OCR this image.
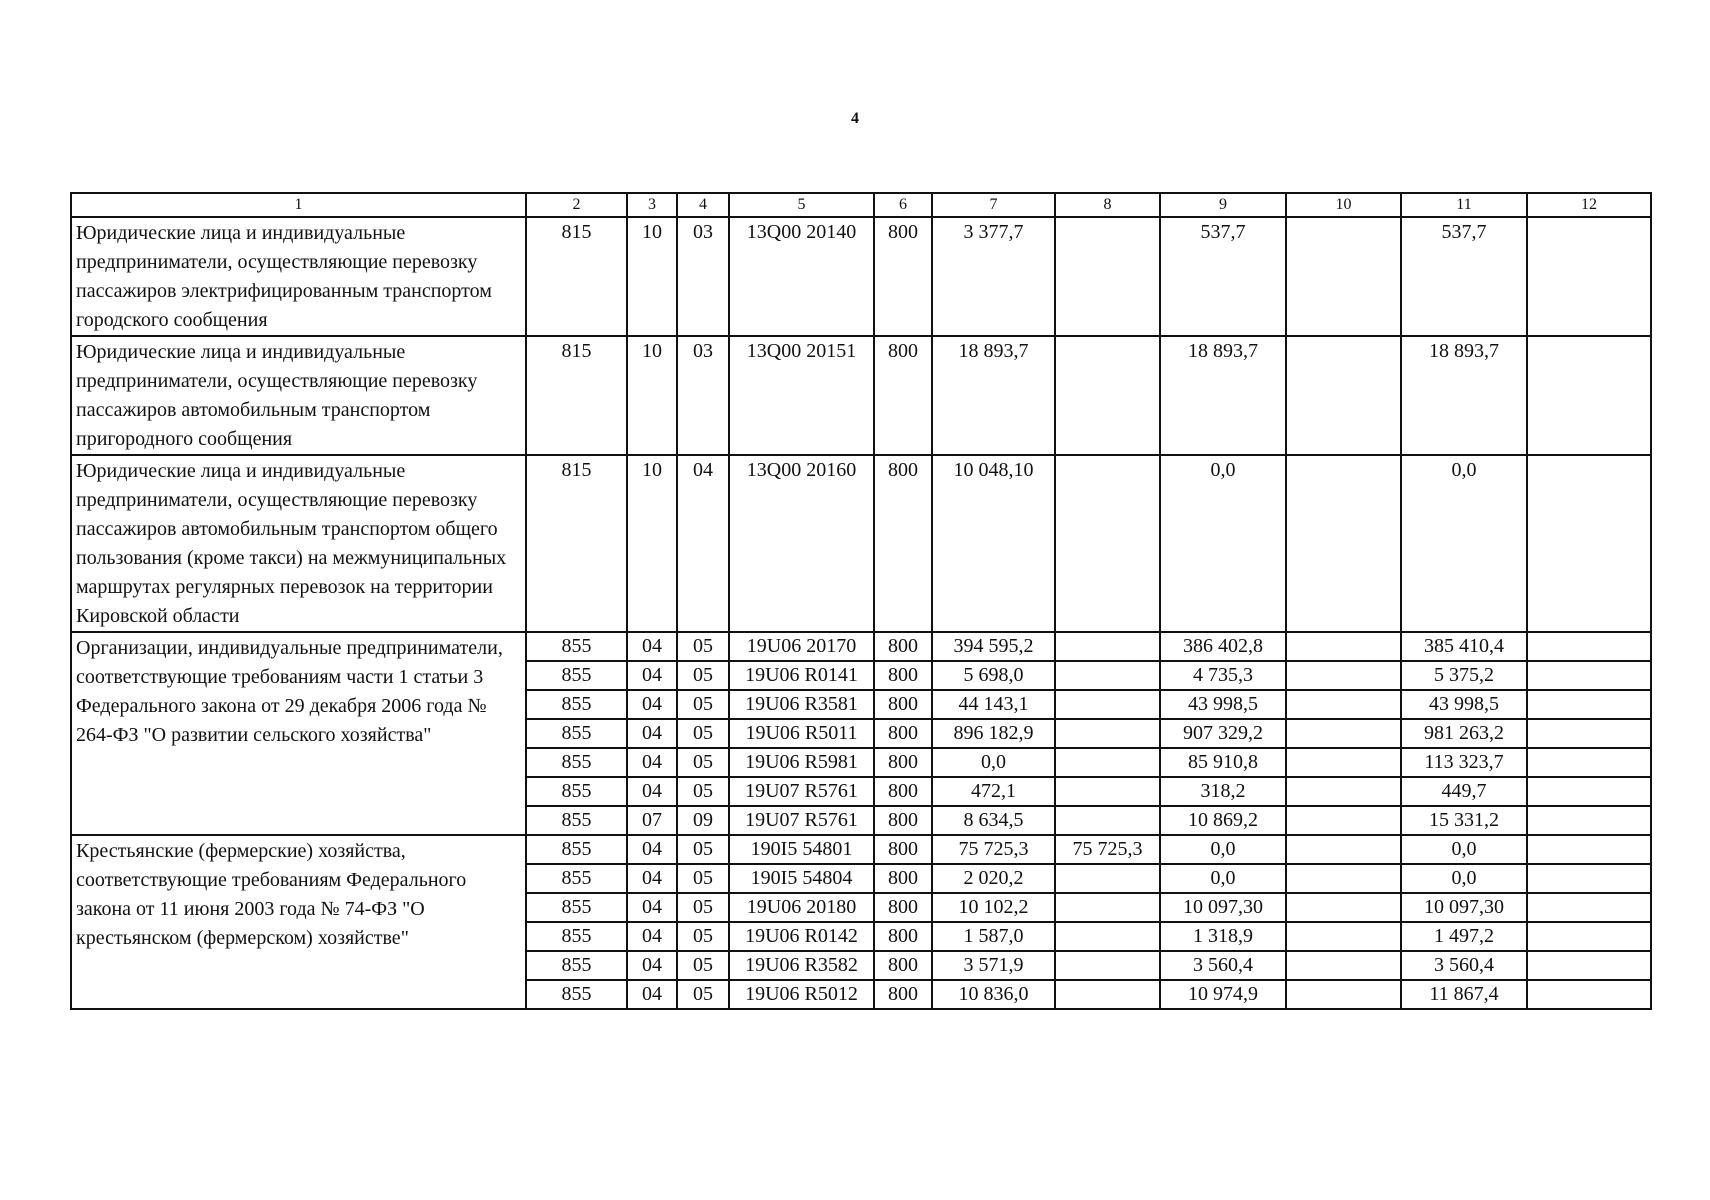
4
1	2	3	4	5	6	7	8	9	10	11	12
Юридические лица и индивидуальные предприниматели, осуществляющие перевозку пассажиров электрифицированным транспортом городского сообщения	815	10	03	13Q00 20140	800	3 377,7		537,7		537,7	
Юридические лица и индивидуальные предприниматели, осуществляющие перевозку пассажиров автомобильным транспортом пригородного сообщения	815	10	03	13Q00 20151	800	18 893,7		18 893,7		18 893,7	
Юридические лица и индивидуальные предприниматели, осуществляющие перевозку пассажиров автомобильным транспортом общего пользования (кроме такси) на межмуниципальных маршрутах регулярных перевозок на территории Кировской области	815	10	04	13Q00 20160	800	10 048,10		0,0		0,0	
Организации, индивидуальные предприниматели, соответствующие требованиям части 1 статьи 3 Федерального закона от 29 декабря 2006 года № 264-ФЗ "О развитии сельского хозяйства"	855	04	05	19U06 20170	800	394 595,2		386 402,8		385 410,4	
	855	04	05	19U06 R0141	800	5 698,0		4 735,3		5 375,2	
	855	04	05	19U06 R3581	800	44 143,1		43 998,5		43 998,5	
	855	04	05	19U06 R5011	800	896 182,9		907 329,2		981 263,2	
	855	04	05	19U06 R5981	800	0,0		85 910,8		113 323,7	
	855	04	05	19U07 R5761	800	472,1		318,2		449,7	
	855	07	09	19U07 R5761	800	8 634,5		10 869,2		15 331,2	
Крестьянские (фермерские) хозяйства, соответствующие требованиям Федерального закона от 11 июня 2003 года № 74-ФЗ "О крестьянском (фермерском) хозяйстве"	855	04	05	190I5 54801	800	75 725,3	75 725,3	0,0		0,0	
	855	04	05	190I5 54804	800	2 020,2		0,0		0,0	
	855	04	05	19U06 20180	800	10 102,2		10 097,30		10 097,30	
	855	04	05	19U06 R0142	800	1 587,0		1 318,9		1 497,2	
	855	04	05	19U06 R3582	800	3 571,9		3 560,4		3 560,4	
	855	04	05	19U06 R5012	800	10 836,0		10 974,9		11 867,4	
